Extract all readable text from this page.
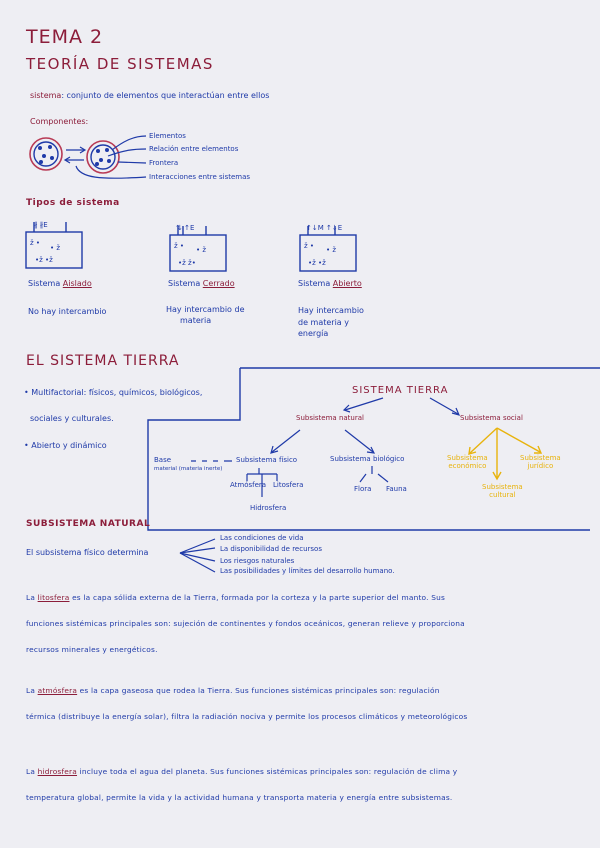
TEMA 2
TEORÍA DE SISTEMAS
sistema: conjunto de elementos que interactúan entre ellos
Componentes:
Elementos
Relación entre elementos
Frontera
Interacciones entre sistemas
ž •
• ž
•ž •ž
ž • • ž
•ž ž•
ž • • ž
•ž •ž
Tipos de sistema
Sistema Aislado
No hay intercambio
Sistema Cerrado
Hay intercambio de
materia
Sistema Abierto
Hay intercambio
de materia y
energía
∦ ∦E	⇅ ↑E	↑↓M ↑↓E
EL SISTEMA TIERRA
• Multifactorial: físicos, químicos, biológicos,
sociales y culturales.
• Abierto y dinámico
SISTEMA TIERRA
Subsistema natural	Subsistema social
Base
material (materia inerte)
Subsistema físico	Subsistema biológico
Atmósfera Litosfera
Hidrosfera
Flora Fauna
Subsistema
económico
Subsistema
jurídico
Subsistema
cultural
SUBSISTEMA NATURAL
El subsistema físico determina
Las condiciones de vida
La disponibilidad de recursos
Los riesgos naturales
Las posibilidades y límites del desarrollo humano.
La litosfera es la capa sólida externa de la Tierra, formada por la corteza y la parte superior del manto. Sus
funciones sistémicas principales son: sujeción de continentes y fondos oceánicos, generan relieve y proporciona
recursos minerales y energéticos.
La atmósfera es la capa gaseosa que rodea la Tierra. Sus funciones sistémicas principales son: regulación
térmica (distribuye la energía solar), filtra la radiación nociva y permite los procesos climáticos y meteorológicos
La hidrosfera incluye toda el agua del planeta. Sus funciones sistémicas principales son: regulación de clima y
temperatura global, permite la vida y la actividad humana y transporta materia y energía entre subsistemas.
